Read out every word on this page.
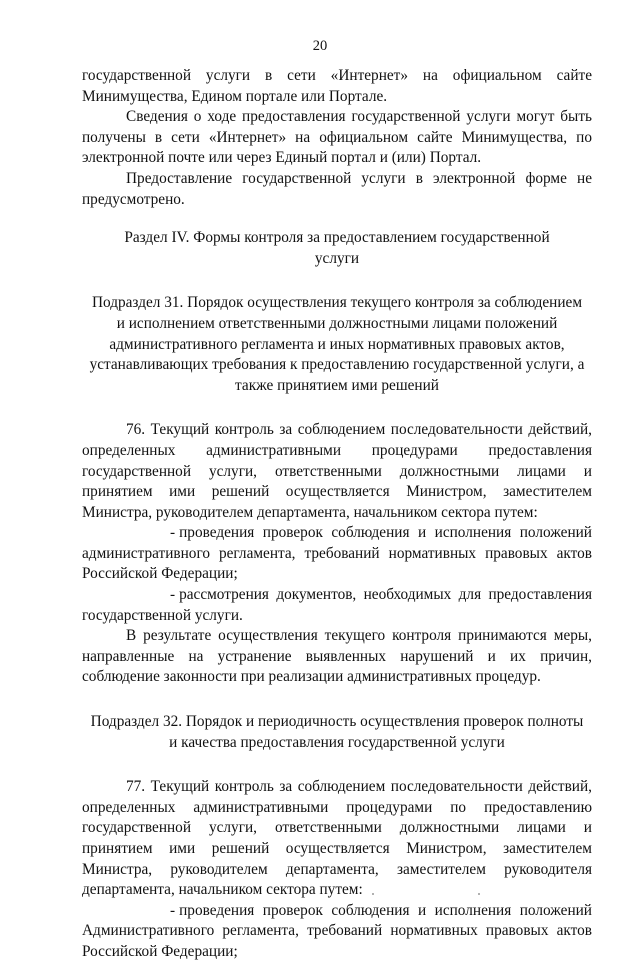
20

государственной услуги в сети «Интернет» на официальном сайте Минимущества, Едином портале или Портале.

Сведения о ходе предоставления государственной услуги могут быть получены в сети «Интернет» на официальном сайте Минимущества, по электронной почте или через Единый портал и (или) Портал.

Предоставление государственной услуги в электронной форме не предусмотрено.

Раздел IV. Формы контроля за предоставлением государственной услуги

Подраздел 31. Порядок осуществления текущего контроля за соблюдением и исполнением ответственными должностными лицами положений административного регламента и иных нормативных правовых актов, устанавливающих требования к предоставлению государственной услуги, а также принятием ими решений

76. Текущий контроль за соблюдением последовательности действий, определенных административными процедурами предоставления государственной услуги, ответственными должностными лицами и принятием ими решений осуществляется Министром, заместителем Министра, руководителем департамента, начальником сектора путем:

- проведения проверок соблюдения и исполнения положений административного регламента, требований нормативных правовых актов Российской Федерации;

- рассмотрения документов, необходимых для предоставления государственной услуги.

В результате осуществления текущего контроля принимаются меры, направленные на устранение выявленных нарушений и их причин, соблюдение законности при реализации административных процедур.

Подраздел 32. Порядок и периодичность осуществления проверок полноты и качества предоставления государственной услуги

77. Текущий контроль за соблюдением последовательности действий, определенных административными процедурами по предоставлению государственной услуги, ответственными должностными лицами и принятием ими решений осуществляется Министром, заместителем Министра, руководителем департамента, заместителем руководителя департамента, начальником сектора путем:

- проведения проверок соблюдения и исполнения положений Административного регламента, требований нормативных правовых актов Российской Федерации;
